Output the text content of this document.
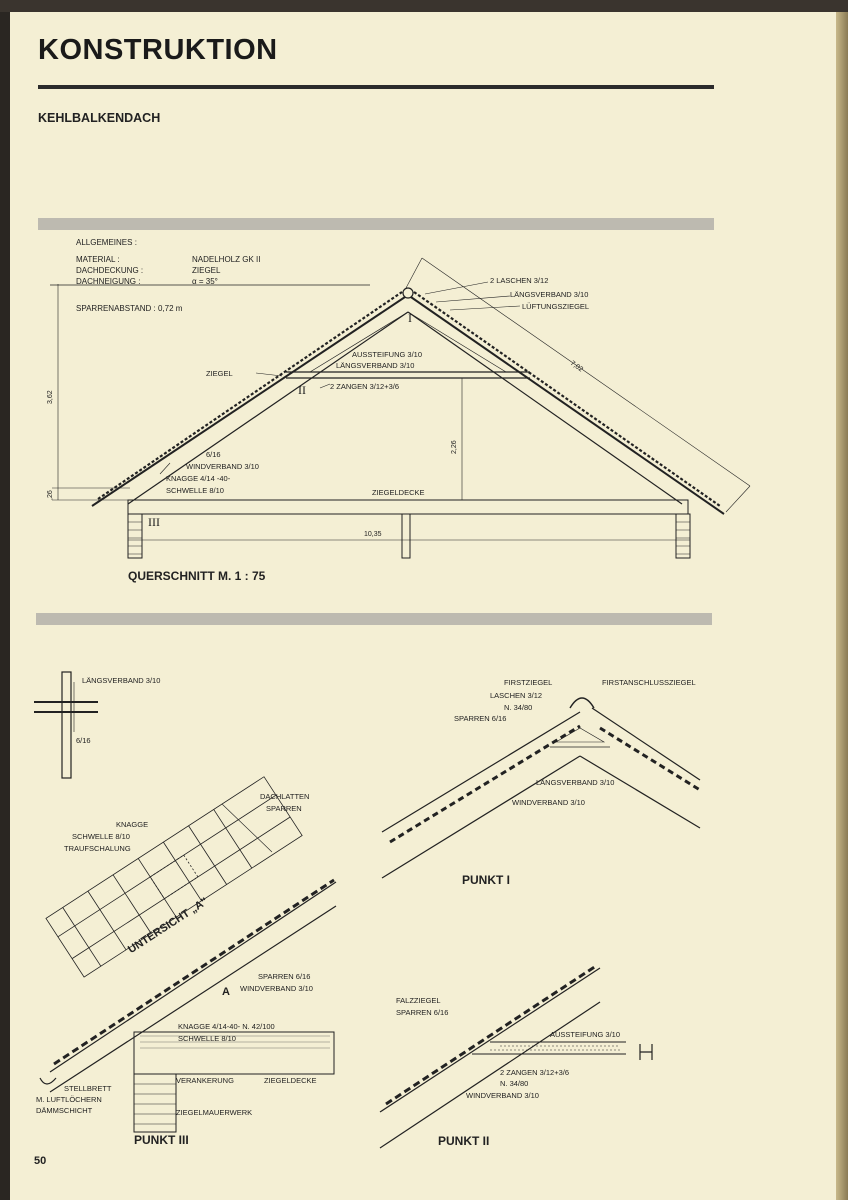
KONSTRUKTION
KEHLBALKENDACH
ALLGEMEINES :
MATERIAL :	NADELHOLZ GK II
DACHDECKUNG :	ZIEGEL
DACHNEIGUNG :	α = 35°
SPARRENABSTAND : 0,72 m
I
II
III
7,02
3,62
2,26
,26
10,35
2 LASCHEN 3/12
LÄNGSVERBAND 3/10
LÜFTUNGSZIEGEL
AUSSTEIFUNG 3/10
LÄNGSVERBAND 3/10
2 ZANGEN 3/12+3/6
ZIEGEL
6/16
WINDVERBAND 3/10
KNAGGE 4/14 -40-
SCHWELLE 8/10	ZIEGELDECKE
QUERSCHNITT M. 1 : 75
LÄNGSVERBAND 3/10
6/16
FIRSTZIEGEL	FIRSTANSCHLUSSZIEGEL
LASCHEN 3/12
N. 34/80
SPARREN 6/16
LÄNGSVERBAND 3/10
WINDVERBAND 3/10
PUNKT I
DACHLATTEN
SPARREN
KNAGGE
SCHWELLE 8/10
TRAUFSCHALUNG
UNTERSICHT „A"
A
SPARREN 6/16
WINDVERBAND 3/10
KNAGGE 4/14-40- N. 42/100
SCHWELLE 8/10
STELLBRETT
M. LUFTLÖCHERN
DÄMMSCHICHT
VERANKERUNG	ZIEGELDECKE
ZIEGELMAUERWERK
PUNKT III
FALZZIEGEL
SPARREN 6/16
AUSSTEIFUNG 3/10
2 ZANGEN 3/12+3/6
N. 34/80
WINDVERBAND 3/10
PUNKT II
50
